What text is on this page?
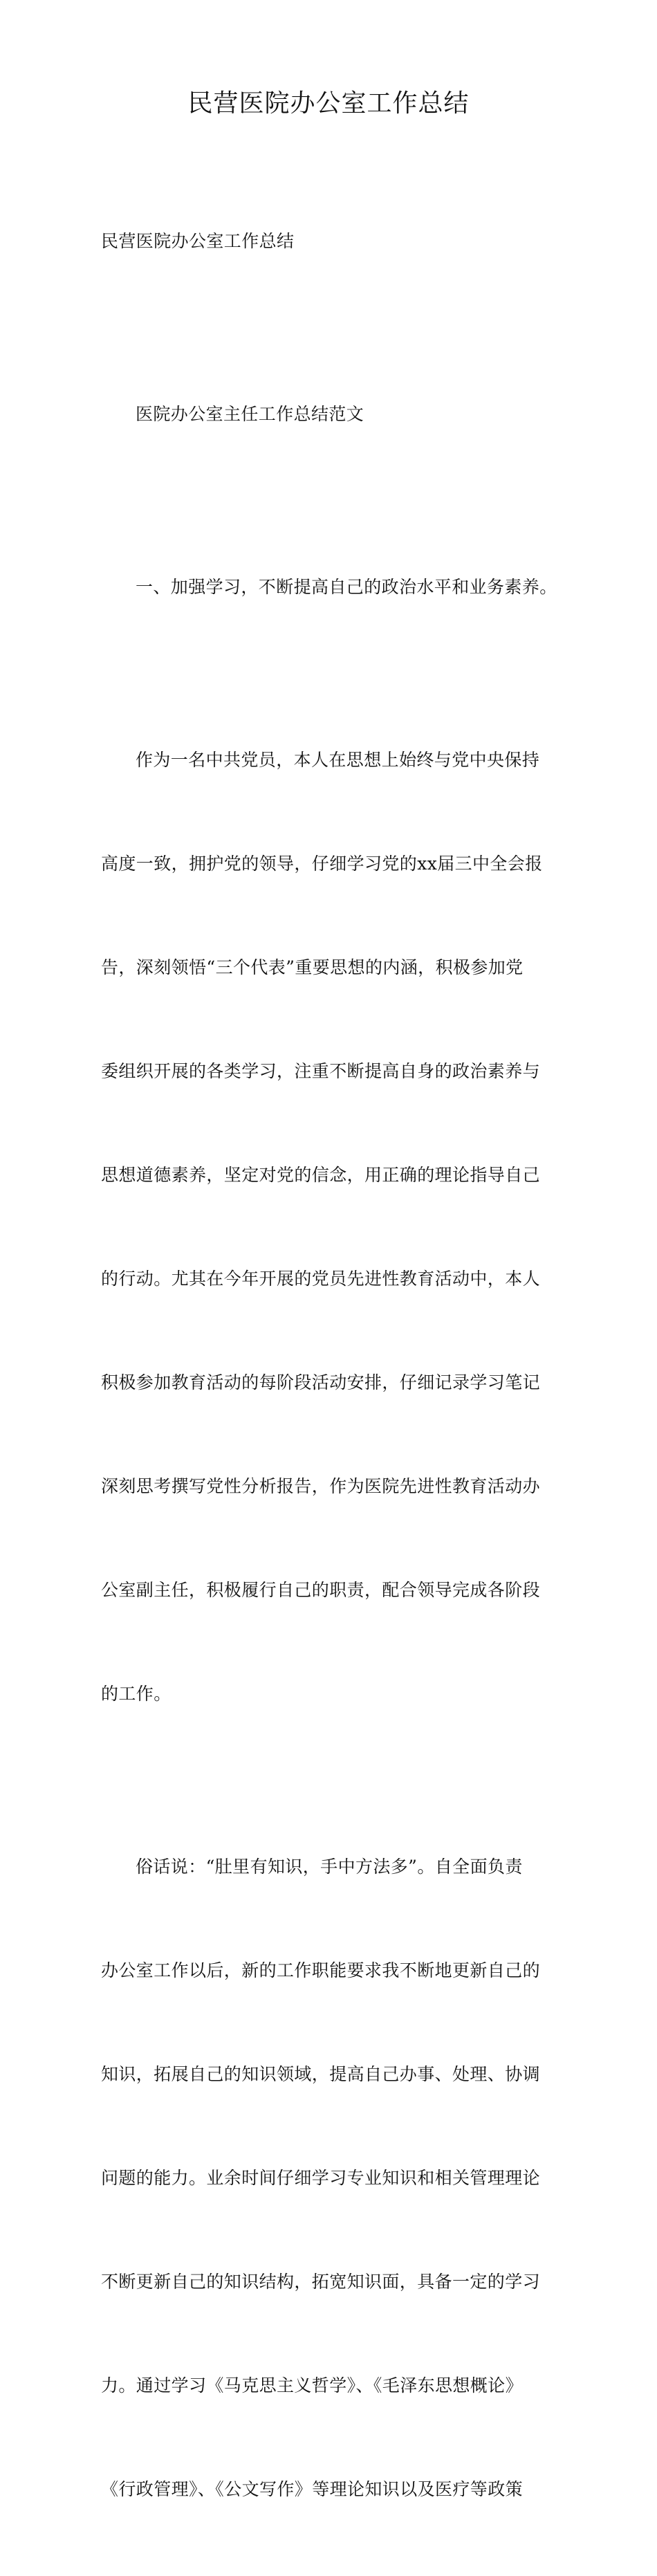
民营医院办公室工作总结

民营医院办公室工作总结

医院办公室主任工作总结范文

一、加强学习，不断提高自己的政治水平和业务素养。

作为一名中共党员，本人在思想上始终与党中央保持

高度一致，拥护党的领导，仔细学习党的xx届三中全会报

告，深刻领悟“三个代表”重要思想的内涵，积极参加党

委组织开展的各类学习，注重不断提高自身的政治素养与

思想道德素养，坚定对党的信念，用正确的理论指导自己

的行动。尤其在今年开展的党员先进性教育活动中，本人

积极参加教育活动的每阶段活动安排，仔细记录学习笔记

深刻思考撰写党性分析报告，作为医院先进性教育活动办

公室副主任，积极履行自己的职责，配合领导完成各阶段

的工作。

俗话说：“肚里有知识，手中方法多”。自全面负责

办公室工作以后，新的工作职能要求我不断地更新自己的

知识，拓展自己的知识领域，提高自己办事、处理、协调

问题的能力。业余时间仔细学习专业知识和相关管理理论

不断更新自己的知识结构，拓宽知识面，具备一定的学习

力。通过学习《马克思主义哲学》、《毛泽东思想概论》

《行政管理》、《公文写作》等理论知识以及医疗等政策
